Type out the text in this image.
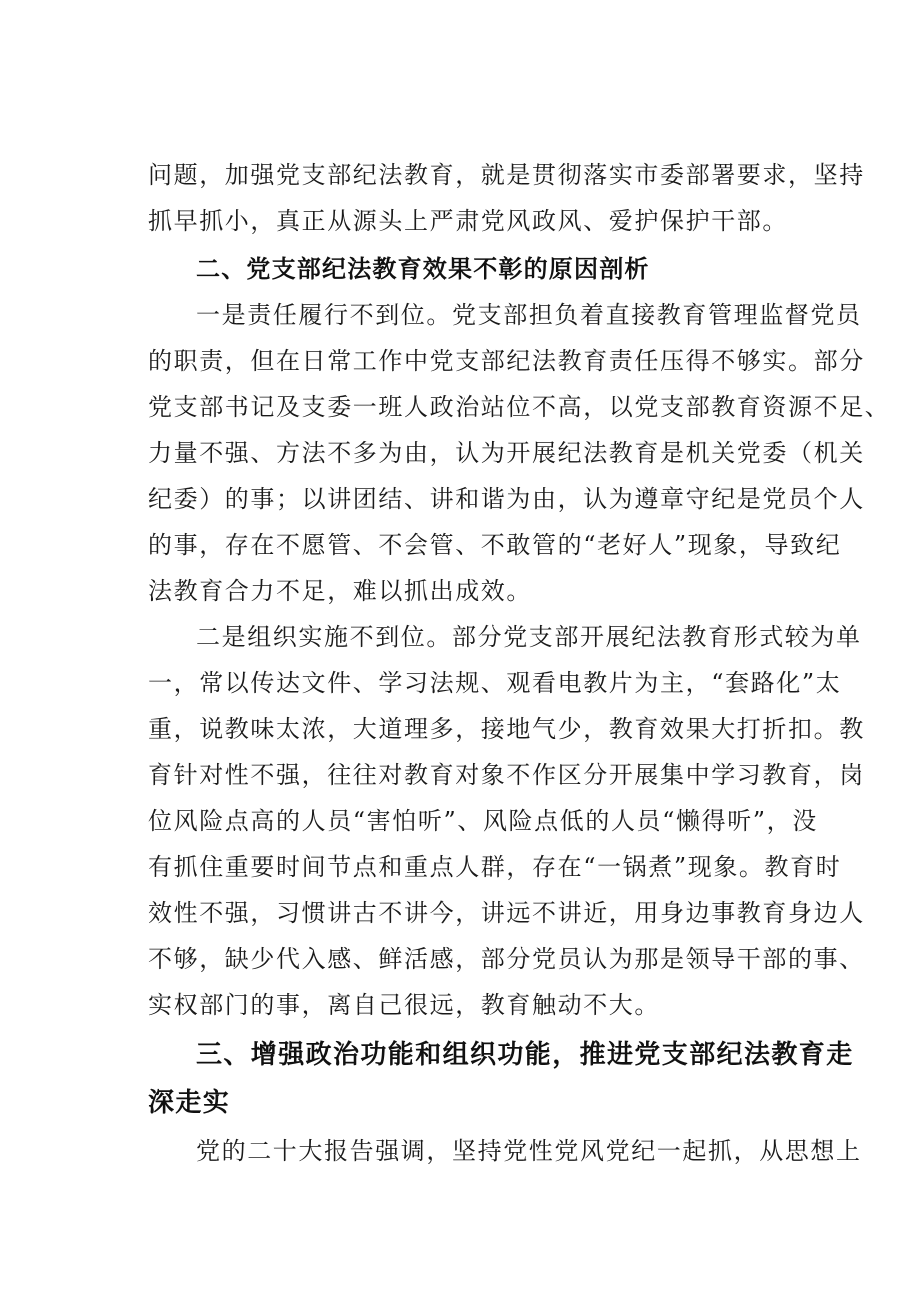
问题，加强党支部纪法教育，就是贯彻落实市委部署要求，坚持
抓早抓小，真正从源头上严肃党风政风、爱护保护干部。
二、党支部纪法教育效果不彰的原因剖析
一是责任履行不到位。党支部担负着直接教育管理监督党员
的职责，但在日常工作中党支部纪法教育责任压得不够实。部分
党支部书记及支委一班人政治站位不高，以党支部教育资源不足、
力量不强、方法不多为由，认为开展纪法教育是机关党委（机关
纪委）的事；以讲团结、讲和谐为由，认为遵章守纪是党员个人
的事，存在不愿管、不会管、不敢管的“老好人”现象，导致纪
法教育合力不足，难以抓出成效。
二是组织实施不到位。部分党支部开展纪法教育形式较为单
一，常以传达文件、学习法规、观看电教片为主，“套路化”太
重，说教味太浓，大道理多，接地气少，教育效果大打折扣。教
育针对性不强，往往对教育对象不作区分开展集中学习教育，岗
位风险点高的人员“害怕听”、风险点低的人员“懒得听”，没
有抓住重要时间节点和重点人群，存在“一锅煮”现象。教育时
效性不强，习惯讲古不讲今，讲远不讲近，用身边事教育身边人
不够，缺少代入感、鲜活感，部分党员认为那是领导干部的事、
实权部门的事，离自己很远，教育触动不大。
三、增强政治功能和组织功能，推进党支部纪法教育走
深走实
党的二十大报告强调，坚持党性党风党纪一起抓，从思想上
